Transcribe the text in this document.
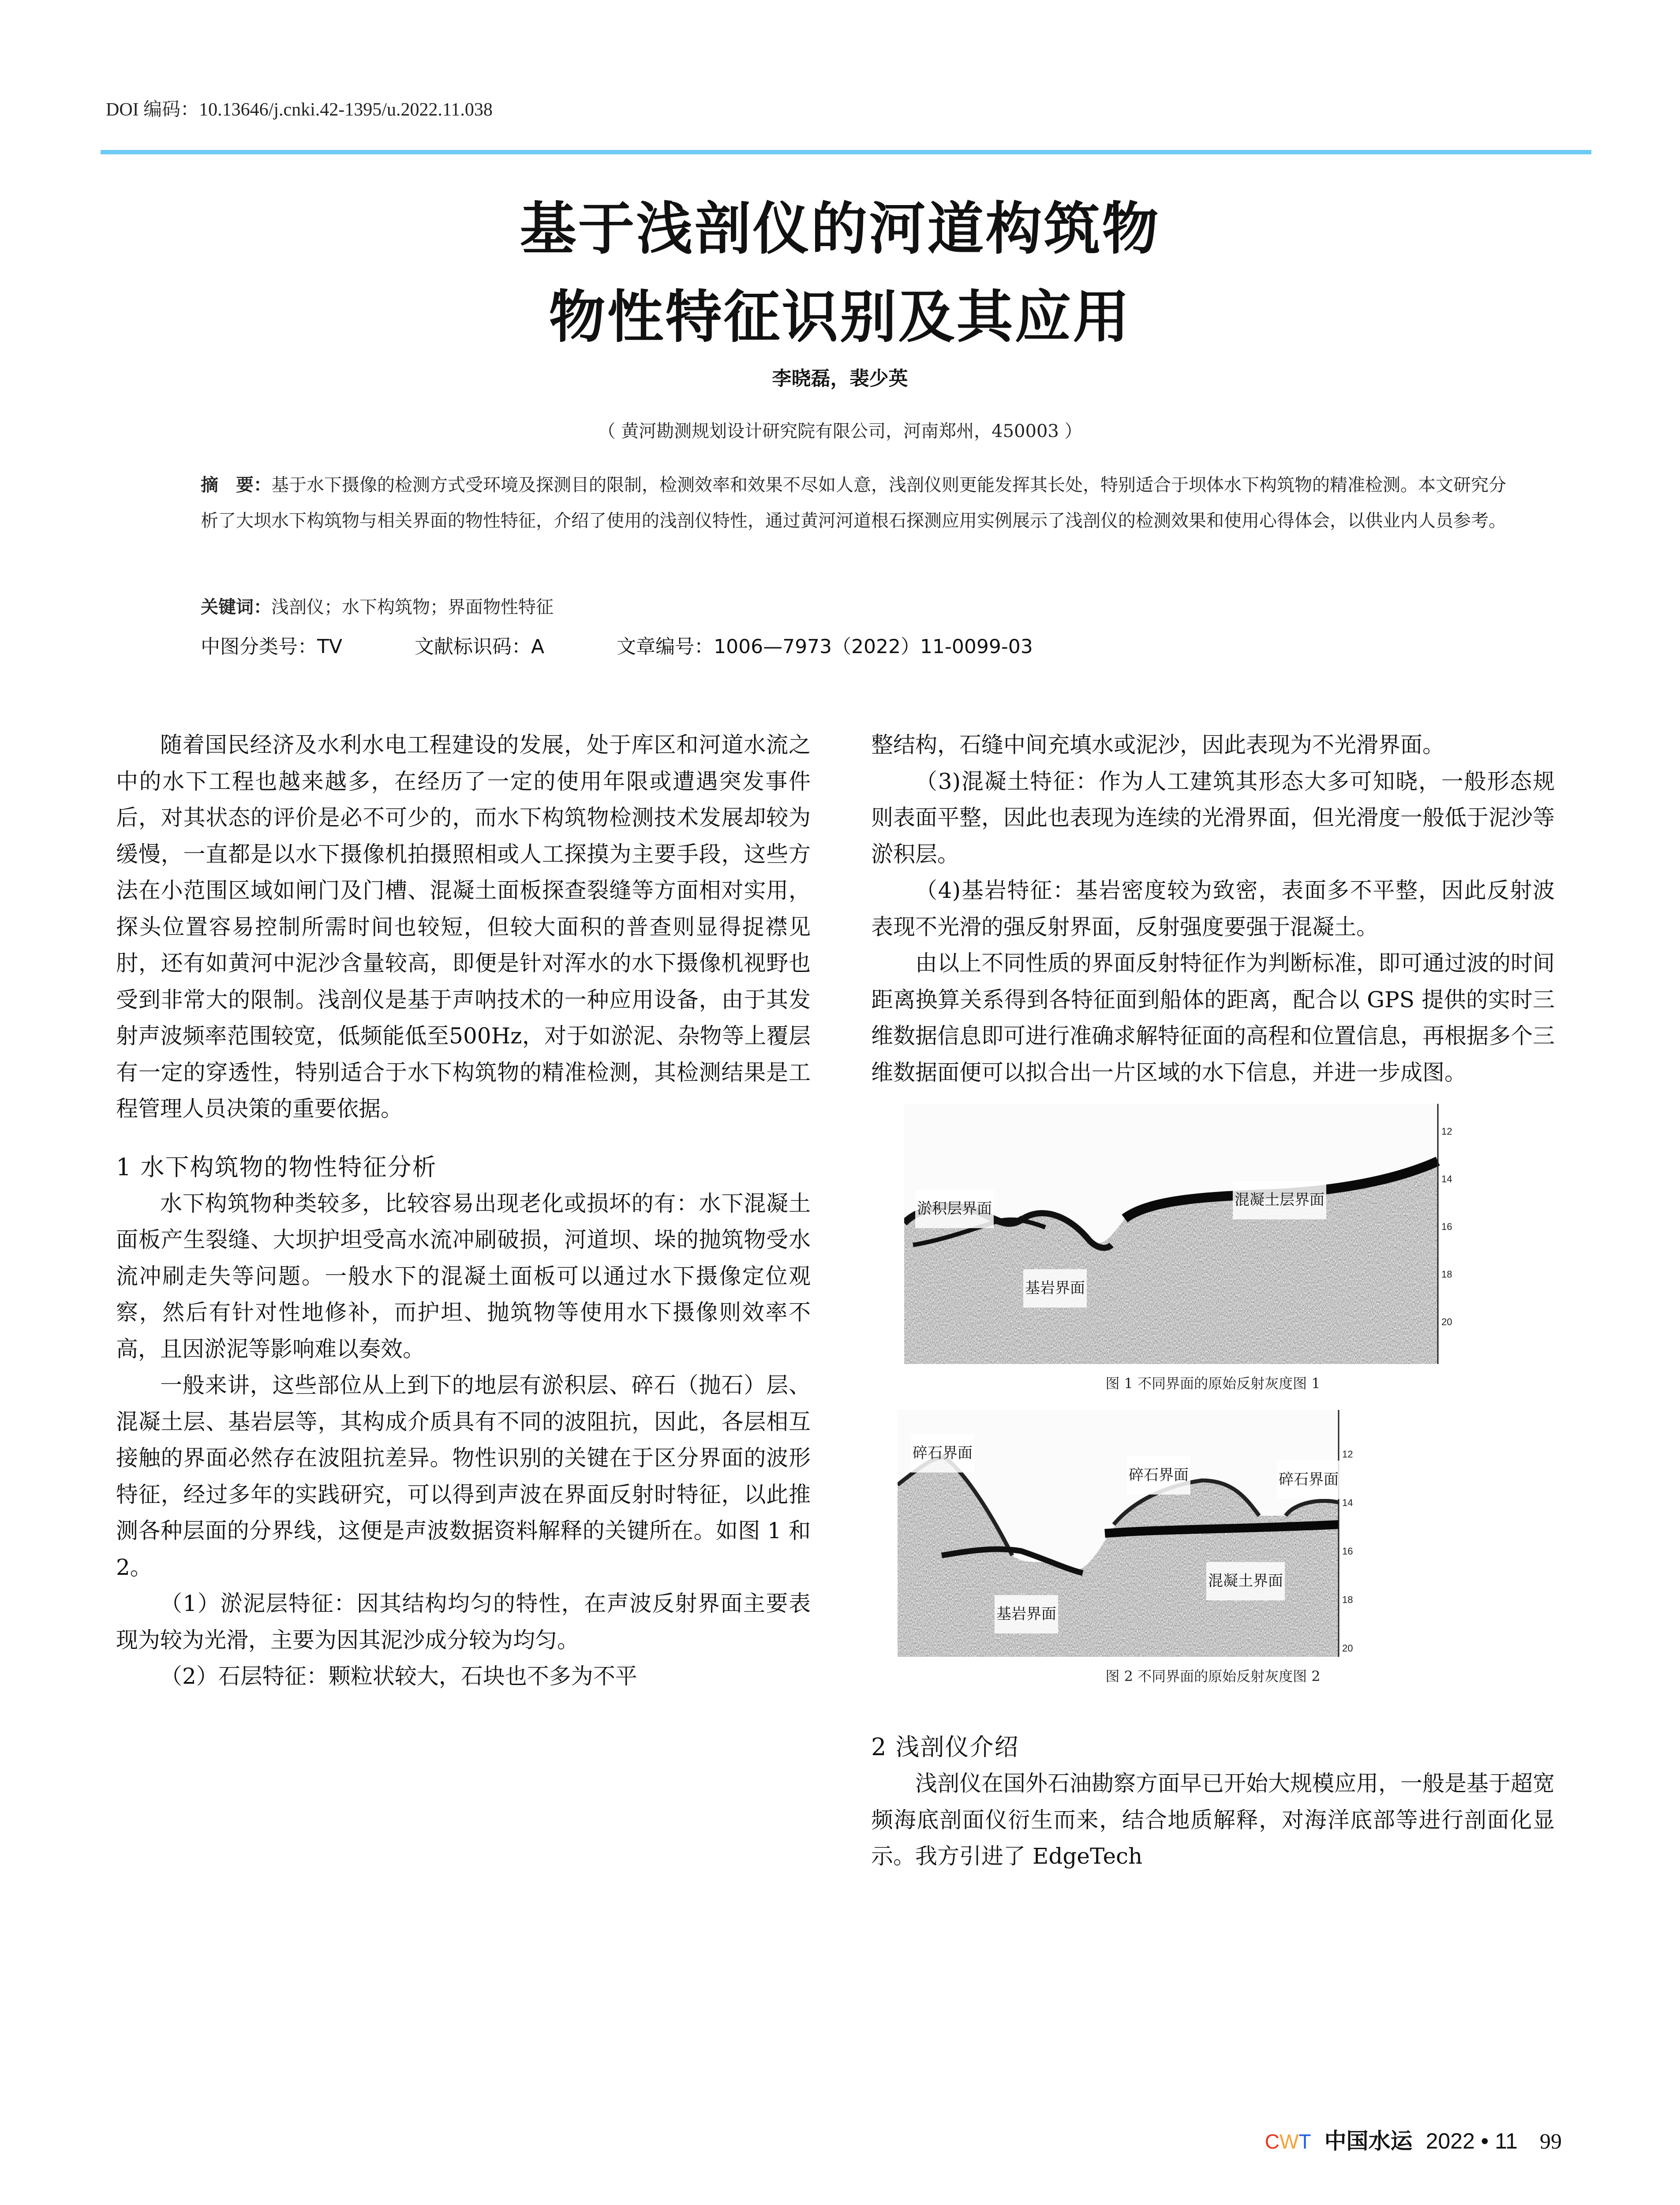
DOI 编码：10.13646/j.cnki.42-1395/u.2022.11.038
基于浅剖仪的河道构筑物
物性特征识别及其应用
李晓磊，裴少英
（ 黄河勘测规划设计研究院有限公司，河南郑州，450003 ）
摘　要：基于水下摄像的检测方式受环境及探测目的限制，检测效率和效果不尽如人意，浅剖仪则更能发挥其长处，特别适合于坝体水下构筑物的精准检测。本文研究分析了大坝水下构筑物与相关界面的物性特征，介绍了使用的浅剖仪特性，通过黄河河道根石探测应用实例展示了浅剖仪的检测效果和使用心得体会，以供业内人员参考。
关键词：浅剖仪；水下构筑物；界面物性特征
中图分类号：TV	文献标识码：A	文章编号：1006—7973（2022）11-0099-03

随着国民经济及水利水电工程建设的发展，处于库区和河道水流之中的水下工程也越来越多，在经历了一定的使用年限或遭遇突发事件后，对其状态的评价是必不可少的，而水下构筑物检测技术发展却较为缓慢，一直都是以水下摄像机拍摄照相或人工探摸为主要手段，这些方法在小范围区域如闸门及门槽、混凝土面板探查裂缝等方面相对实用，探头位置容易控制所需时间也较短，但较大面积的普查则显得捉襟见肘，还有如黄河中泥沙含量较高，即便是针对浑水的水下摄像机视野也受到非常大的限制。浅剖仪是基于声呐技术的一种应用设备，由于其发射声波频率范围较宽，低频能低至500Hz，对于如淤泥、杂物等上覆层有一定的穿透性，特别适合于水下构筑物的精准检测，其检测结果是工程管理人员决策的重要依据。

1 水下构筑物的物性特征分析

水下构筑物种类较多，比较容易出现老化或损坏的有：水下混凝土面板产生裂缝、大坝护坦受高水流冲刷破损，河道坝、垛的抛筑物受水流冲刷走失等问题。一般水下的混凝土面板可以通过水下摄像定位观察，然后有针对性地修补，而护坦、抛筑物等使用水下摄像则效率不高，且因淤泥等影响难以奏效。

一般来讲，这些部位从上到下的地层有淤积层、碎石（抛石）层、混凝土层、基岩层等，其构成介质具有不同的波阻抗，因此，各层相互接触的界面必然存在波阻抗差异。物性识别的关键在于区分界面的波形特征，经过多年的实践研究，可以得到声波在界面反射时特征，以此推测各种层面的分界线，这便是声波数据资料解释的关键所在。如图 1 和 2。

（1）淤泥层特征：因其结构均匀的特性，在声波反射界面主要表现为较为光滑，主要为因其泥沙成分较为均匀。

（2）石层特征：颗粒状较大，石块也不多为不平

整结构，石缝中间充填水或泥沙，因此表现为不光滑界面。

（3)混凝土特征：作为人工建筑其形态大多可知晓，一般形态规则表面平整，因此也表现为连续的光滑界面，但光滑度一般低于泥沙等淤积层。

（4)基岩特征：基岩密度较为致密，表面多不平整，因此反射波表现不光滑的强反射界面，反射强度要强于混凝土。

由以上不同性质的界面反射特征作为判断标准，即可通过波的时间距离换算关系得到各特征面到船体的距离，配合以 GPS 提供的实时三维数据信息即可进行准确求解特征面的高程和位置信息，再根据多个三维数据面便可以拟合出一片区域的水下信息，并进一步成图。

淤积层界面	混凝土层界面
基岩界面
12
14
16
18
20
图 1 不同界面的原始反射灰度图 1
碎石界面
碎石界面	碎石界面
基岩界面
混凝土界面
12
14
16
18
20
图 2 不同界面的原始反射灰度图 2
2 浅剖仪介绍

浅剖仪在国外石油勘察方面早已开始大规模应用，一般是基于超宽频海底剖面仪衍生而来，结合地质解释，对海洋底部等进行剖面化显示。我方引进了 EdgeTech

CWT 中国水运 2022 • 11 99
